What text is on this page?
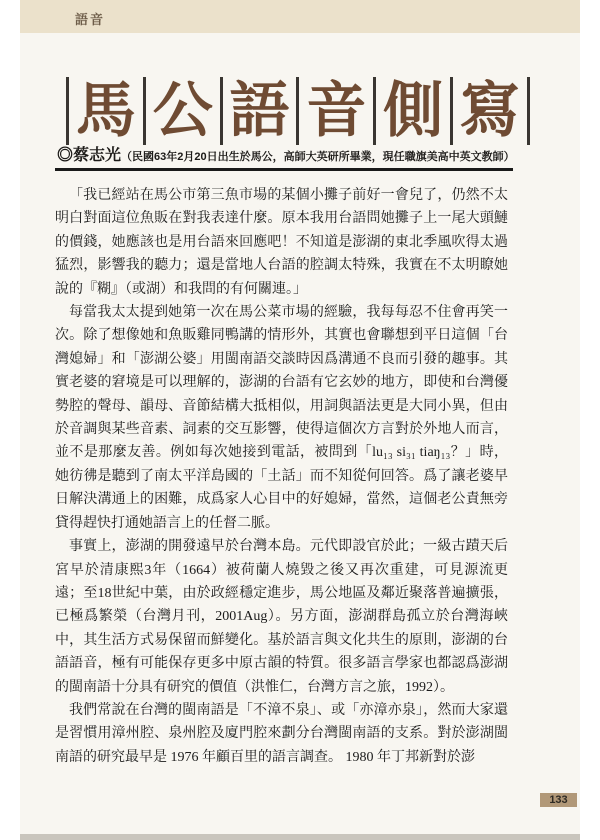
語音
馬 公 語 音 側 寫
◎蔡志光（民國63年2月20日出生於馬公，高師大英研所畢業，現任職旗美高中英文教師）

「我已經站在馬公市第三魚市場的某個小攤子前好一會兒了，仍然不太明白對面這位魚販在對我表達什麼。原本我用台語問她攤子上一尾大頭鰱的價錢，她應該也是用台語來回應吧！不知道是澎湖的東北季風吹得太過猛烈，影響我的聽力；還是當地人台語的腔調太特殊，我實在不太明瞭她說的『糊』（或湖）和我問的有何關連。」

每當我太太提到她第一次在馬公菜市場的經驗，我每每忍不住會再笑一次。除了想像她和魚販雞同鴨講的情形外，其實也會聯想到平日這個「台灣媳婦」和「澎湖公婆」用閩南語交談時因爲溝通不良而引發的趣事。其實老婆的窘境是可以理解的，澎湖的台語有它玄妙的地方，即使和台灣優勢腔的聲母、韻母、音節結構大抵相似，用詞與語法更是大同小異，但由於音調與某些音素、詞素的交互影響，使得這個次方言對於外地人而言，並不是那麼友善。例如每次她接到電話，被問到「lu₁₃ si₃₁ tiaŋ₁₃？」時，她彷彿是聽到了南太平洋島國的「土話」而不知從何回答。爲了讓老婆早日解決溝通上的困難，成爲家人心目中的好媳婦，當然，這個老公責無旁貸得趕快打通她語言上的任督二脈。

事實上，澎湖的開發遠早於台灣本島。元代即設官於此；一級古蹟天后宮早於清康熙3年（1664）被荷蘭人燒毀之後又再次重建，可見源流更遠；至18世紀中葉，由於政經穩定進步，馬公地區及鄰近聚落普遍擴張，已極爲繁榮（台灣月刊，2001Aug）。另方面，澎湖群島孤立於台灣海峽中，其生活方式易保留而鮮變化。基於語言與文化共生的原則，澎湖的台語語音，極有可能保存更多中原古韻的特質。很多語言學家也都認爲澎湖的閩南語十分具有研究的價值（洪惟仁，台灣方言之旅，1992）。

我們常說在台灣的閩南語是「不漳不泉」、或「亦漳亦泉」，然而大家還是習慣用漳州腔、泉州腔及廈門腔來劃分台灣閩南語的支系。對於澎湖閩南語的研究最早是 1976 年顧百里的語言調查。 1980 年丁邦新對於澎

133
